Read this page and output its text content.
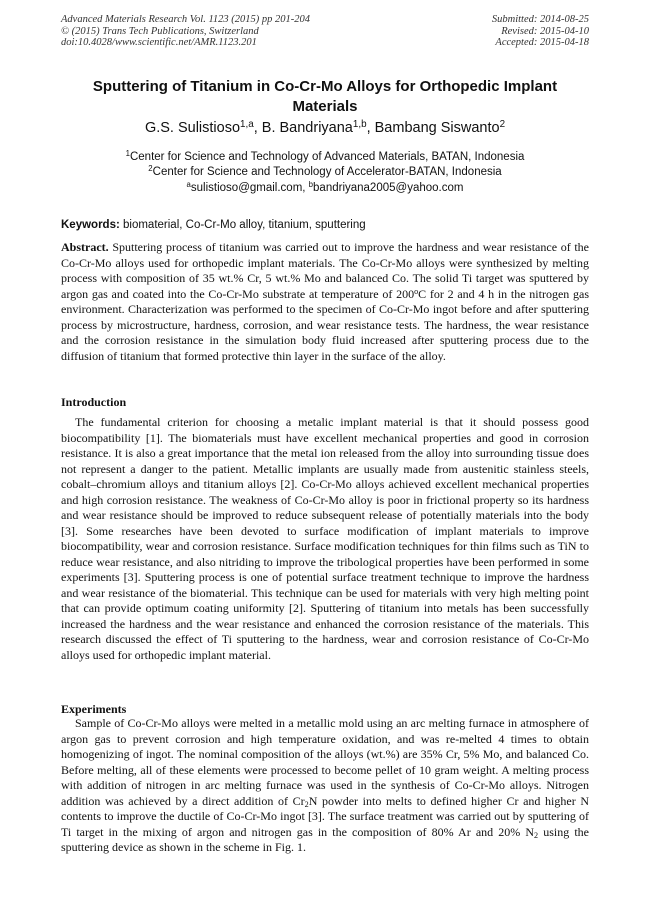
Advanced Materials Research Vol. 1123 (2015) pp 201-204
© (2015) Trans Tech Publications, Switzerland
doi:10.4028/www.scientific.net/AMR.1123.201
Submitted: 2014-08-25
Revised: 2015-04-10
Accepted: 2015-04-18
Sputtering of Titanium in Co-Cr-Mo Alloys for Orthopedic Implant Materials
G.S. Sulistioso$^{1,a}$, B. Bandriyana$^{1,b}$, Bambang Siswanto$^2$
$^1$Center for Science and Technology of Advanced Materials, BATAN, Indonesia
$^2$Center for Science and Technology of Accelerator-BATAN, Indonesia
$^a$sulistioso@gmail.com, $^b$bandriyana2005@yahoo.com
Keywords: biomaterial, Co-Cr-Mo alloy, titanium, sputtering

Abstract. Sputtering process of titanium was carried out to improve the hardness and wear resistance of the Co-Cr-Mo alloys used for orthopedic implant materials. The Co-Cr-Mo alloys were synthesized by melting process with composition of 35 wt.% Cr, 5 wt.% Mo and balanced Co. The solid Ti target was sputtered by argon gas and coated into the Co-Cr-Mo substrate at temperature of 200$^o$C for 2 and 4 h in the nitrogen gas environment. Characterization was performed to the specimen of Co-Cr-Mo ingot before and after sputtering process by microstructure, hardness, corrosion, and wear resistance tests. The hardness, the wear resistance and the corrosion resistance in the simulation body fluid increased after sputtering process due to the diffusion of titanium that formed protective thin layer in the surface of the alloy.

Introduction

The fundamental criterion for choosing a metalic implant material is that it should possess good biocompatibility [1]. The biomaterials must have excellent mechanical properties and good in corrosion resistance. It is also a great importance that the metal ion released from the alloy into surrounding tissue does not represent a danger to the patient. Metallic implants are usually made from austenitic stainless steels, cobalt–chromium alloys and titanium alloys [2]. Co-Cr-Mo alloys achieved excellent mechanical properties and high corrosion resistance. The weakness of Co-Cr-Mo alloy is poor in frictional property so its hardness and wear resistance should be improved to reduce subsequent release of potentially materials into the body [3]. Some researches have been devoted to surface modification of implant materials to improve biocompatibility, wear and corrosion resistance. Surface modification techniques for thin films such as TiN to reduce wear resistance, and also nitriding to improve the tribological properties have been performed in some experiments [3]. Sputtering process is one of potential surface treatment technique to improve the hardness and wear resistance of the biomaterial. This technique can be used for materials with very high melting point that can provide optimum coating uniformity [2]. Sputtering of titanium into metals has been successfully increased the hardness and the wear resistance and enhanced the corrosion resistance of the materials. This research discussed the effect of Ti sputtering to the hardness, wear and corrosion resistance of Co-Cr-Mo alloys used for orthopedic implant material.

Experiments

Sample of Co-Cr-Mo alloys were melted in a metallic mold using an arc melting furnace in atmosphere of argon gas to prevent corrosion and high temperature oxidation, and was re-melted 4 times to obtain homogenizing of ingot. The nominal composition of the alloys (wt.%) are 35% Cr, 5% Mo, and balanced Co. Before melting, all of these elements were processed to become pellet of 10 gram weight. A melting process with addition of nitrogen in arc melting furnace was used in the synthesis of Co-Cr-Mo alloys. Nitrogen addition was achieved by a direct addition of $Cr_2N$ powder into melts to defined higher Cr and higher N contents to improve the ductile of Co-Cr-Mo ingot [3]. The surface treatment was carried out by sputtering of Ti target in the mixing of argon and nitrogen gas in the composition of 80% Ar and 20% $N_2$ using the sputtering device as shown in the scheme in Fig. 1.
